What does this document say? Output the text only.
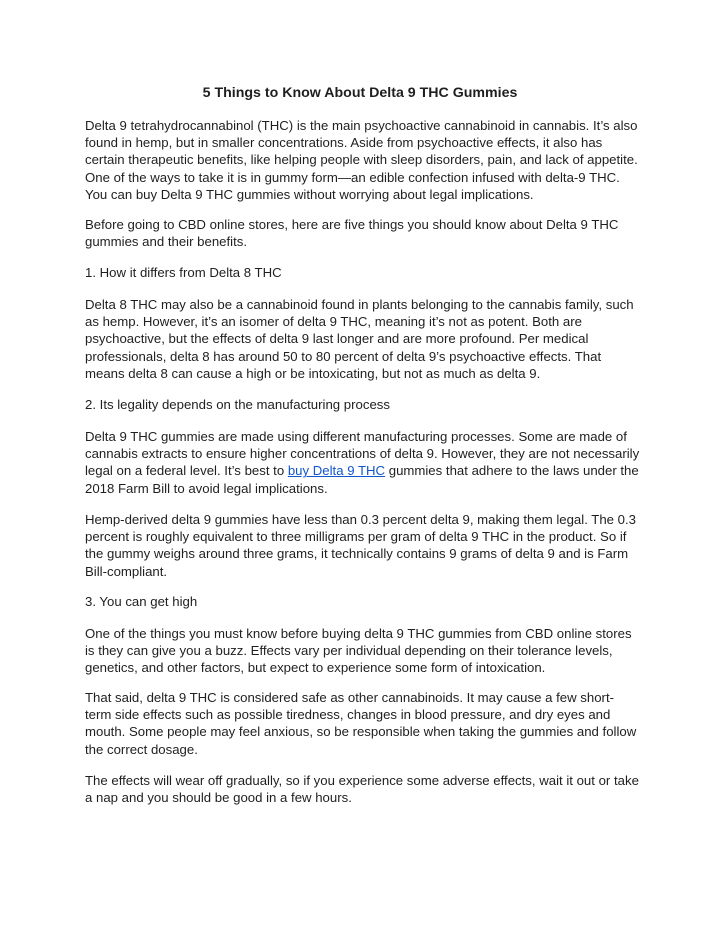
5 Things to Know About Delta 9 THC Gummies

Delta 9 tetrahydrocannabinol (THC) is the main psychoactive cannabinoid in cannabis. It’s also found in hemp, but in smaller concentrations. Aside from psychoactive effects, it also has certain therapeutic benefits, like helping people with sleep disorders, pain, and lack of appetite. One of the ways to take it is in gummy form—an edible confection infused with delta-9 THC. You can buy Delta 9 THC gummies without worrying about legal implications.

Before going to CBD online stores, here are five things you should know about Delta 9 THC gummies and their benefits.

1. How it differs from Delta 8 THC

Delta 8 THC may also be a cannabinoid found in plants belonging to the cannabis family, such as hemp. However, it’s an isomer of delta 9 THC, meaning it’s not as potent. Both are psychoactive, but the effects of delta 9 last longer and are more profound. Per medical professionals, delta 8 has around 50 to 80 percent of delta 9’s psychoactive effects. That means delta 8 can cause a high or be intoxicating, but not as much as delta 9.

2. Its legality depends on the manufacturing process

Delta 9 THC gummies are made using different manufacturing processes. Some are made of cannabis extracts to ensure higher concentrations of delta 9. However, they are not necessarily legal on a federal level. It’s best to buy Delta 9 THC gummies that adhere to the laws under the 2018 Farm Bill to avoid legal implications.

Hemp-derived delta 9 gummies have less than 0.3 percent delta 9, making them legal. The 0.3 percent is roughly equivalent to three milligrams per gram of delta 9 THC in the product. So if the gummy weighs around three grams, it technically contains 9 grams of delta 9 and is Farm Bill-compliant.

3. You can get high

One of the things you must know before buying delta 9 THC gummies from CBD online stores is they can give you a buzz. Effects vary per individual depending on their tolerance levels, genetics, and other factors, but expect to experience some form of intoxication.

That said, delta 9 THC is considered safe as other cannabinoids. It may cause a few short-term side effects such as possible tiredness, changes in blood pressure, and dry eyes and mouth. Some people may feel anxious, so be responsible when taking the gummies and follow the correct dosage.

The effects will wear off gradually, so if you experience some adverse effects, wait it out or take a nap and you should be good in a few hours.
